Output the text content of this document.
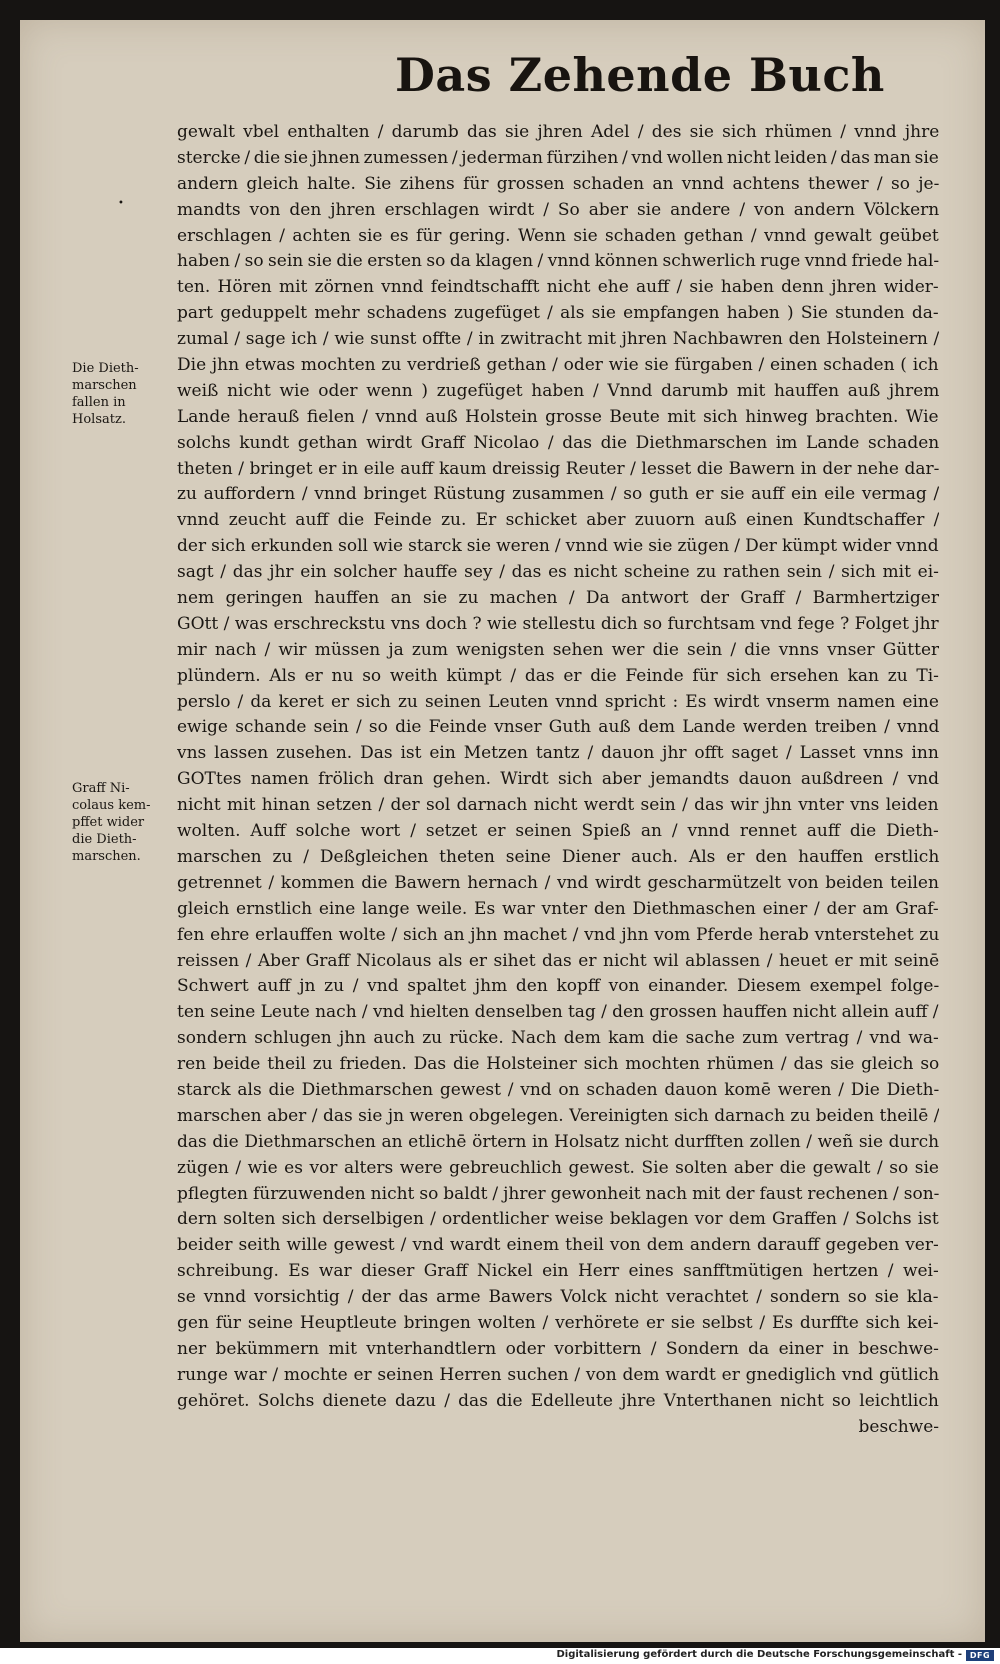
Das Zehende Buch
gewalt vbel enthalten / darumb das sie jhren Adel / des sie sich rhümen / vnnd jhre
stercke / die sie jhnen zumessen / jederman fürzihen / vnd wollen nicht leiden / das man sie
andern gleich halte. Sie zihens für grossen schaden an vnnd achtens thewer / so je-
mandts von den jhren erschlagen wirdt / So aber sie andere / von andern Völckern
erschlagen / achten sie es für gering. Wenn sie schaden gethan / vnnd gewalt geübet
haben / so sein sie die ersten so da klagen / vnnd können schwerlich ruge vnnd friede hal-
ten. Hören mit zörnen vnnd feindtschafft nicht ehe auff / sie haben denn jhren wider-
part geduppelt mehr schadens zugefüget / als sie empfangen haben ) Sie stunden da-
zumal / sage ich / wie sunst offte / in zwitracht mit jhren Nachbawren den Holsteinern /
Die jhn etwas mochten zu verdrieß gethan / oder wie sie fürgaben / einen schaden ( ich
weiß nicht wie oder wenn ) zugefüget haben / Vnnd darumb mit hauffen auß jhrem
Lande herauß fielen / vnnd auß Holstein grosse Beute mit sich hinweg brachten. Wie
solchs kundt gethan wirdt Graff Nicolao / das die Diethmarschen im Lande schaden
theten / bringet er in eile auff kaum dreissig Reuter / lesset die Bawern in der nehe dar-
zu auffordern / vnnd bringet Rüstung zusammen / so guth er sie auff ein eile vermag /
vnnd zeucht auff die Feinde zu. Er schicket aber zuuorn auß einen Kundtschaffer /
der sich erkunden soll wie starck sie weren / vnnd wie sie zügen / Der kümpt wider vnnd
sagt / das jhr ein solcher hauffe sey / das es nicht scheine zu rathen sein / sich mit ei-
nem geringen hauffen an sie zu machen / Da antwort der Graff / Barmhertziger
GOtt / was erschreckstu vns doch ? wie stellestu dich so furchtsam vnd fege ? Folget jhr
mir nach / wir müssen ja zum wenigsten sehen wer die sein / die vnns vnser Gütter
plündern. Als er nu so weith kümpt / das er die Feinde für sich ersehen kan zu Ti-
perslo / da keret er sich zu seinen Leuten vnnd spricht : Es wirdt vnserm namen eine
ewige schande sein / so die Feinde vnser Guth auß dem Lande werden treiben / vnnd
vns lassen zusehen. Das ist ein Metzen tantz / dauon jhr offt saget / Lasset vnns inn
GOTtes namen frölich dran gehen. Wirdt sich aber jemandts dauon außdreen / vnd
nicht mit hinan setzen / der sol darnach nicht werdt sein / das wir jhn vnter vns leiden
wolten. Auff solche wort / setzet er seinen Spieß an / vnnd rennet auff die Dieth-
marschen zu / Deßgleichen theten seine Diener auch. Als er den hauffen erstlich
getrennet / kommen die Bawern hernach / vnd wirdt gescharmützelt von beiden teilen
gleich ernstlich eine lange weile. Es war vnter den Diethmaschen einer / der am Graf-
fen ehre erlauffen wolte / sich an jhn machet / vnd jhn vom Pferde herab vnterstehet zu
reissen / Aber Graff Nicolaus als er sihet das er nicht wil ablassen / heuet er mit seinē
Schwert auff jn zu / vnd spaltet jhm den kopff von einander. Diesem exempel folge-
ten seine Leute nach / vnd hielten denselben tag / den grossen hauffen nicht allein auff /
sondern schlugen jhn auch zu rücke. Nach dem kam die sache zum vertrag / vnd wa-
ren beide theil zu frieden. Das die Holsteiner sich mochten rhümen / das sie gleich so
starck als die Diethmarschen gewest / vnd on schaden dauon komē weren / Die Dieth-
marschen aber / das sie jn weren obgelegen. Vereinigten sich darnach zu beiden theilē /
das die Diethmarschen an etlichē örtern in Holsatz nicht durfften zollen / weñ sie durch
zügen / wie es vor alters were gebreuchlich gewest. Sie solten aber die gewalt / so sie
pflegten fürzuwenden nicht so baldt / jhrer gewonheit nach mit der faust rechenen / son-
dern solten sich derselbigen / ordentlicher weise beklagen vor dem Graffen / Solchs ist
beider seith wille gewest / vnd wardt einem theil von dem andern darauff gegeben ver-
schreibung. Es war dieser Graff Nickel ein Herr eines sanfftmütigen hertzen / wei-
se vnnd vorsichtig / der das arme Bawers Volck nicht verachtet / sondern so sie kla-
gen für seine Heuptleute bringen wolten / verhörete er sie selbst / Es durffte sich kei-
ner bekümmern mit vnterhandtlern oder vorbittern / Sondern da einer in beschwe-
runge war / mochte er seinen Herren suchen / von dem wardt er gnediglich vnd gütlich
gehöret. Solchs dienete dazu / das die Edelleute jhre Vnterthanen nicht so leichtlich
beschwe-
Die Dieth-
marschen
fallen in
Holsatz.
Graff Ni-
colaus kem-
pffet wider
die Dieth-
marschen.
•
Digitalisierung gefördert durch die Deutsche Forschungsgemeinschaft - DFG
